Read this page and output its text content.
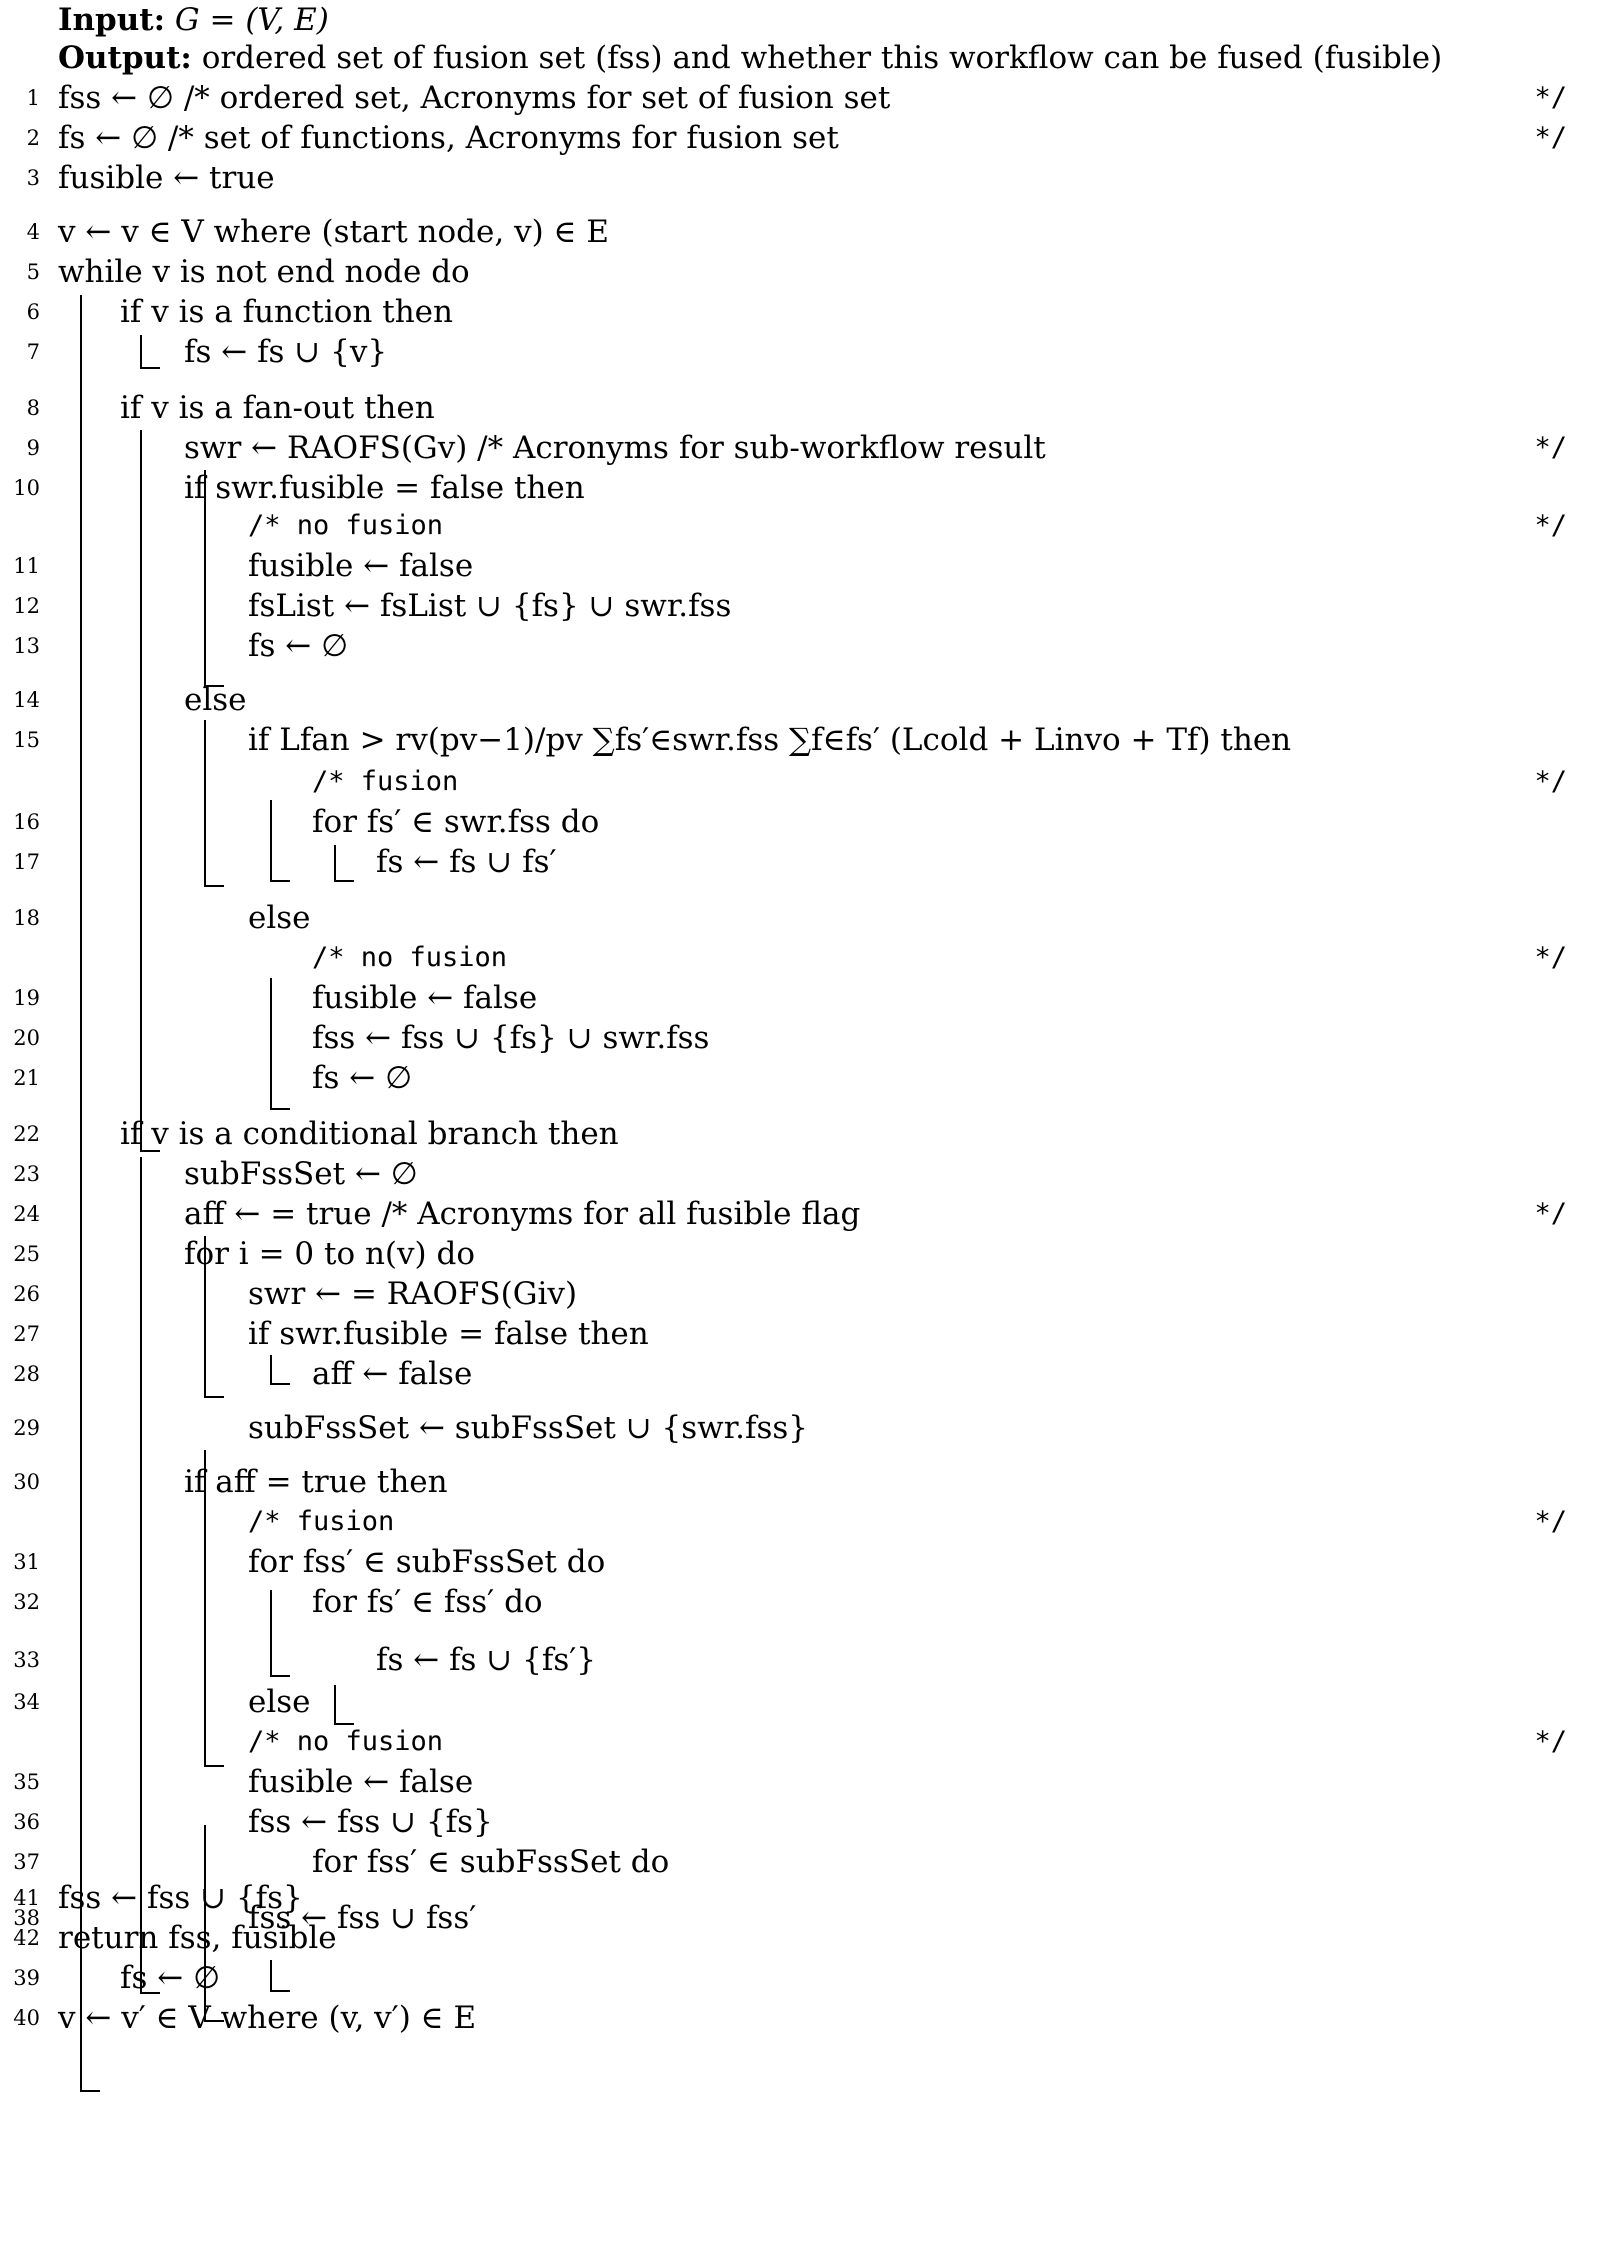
Input: G = (V, E)
Output: ordered set of fusion set (fss) and whether this workflow can be fused (fusible)
1 fss ← ∅ /* ordered set, Acronyms for set of fusion set	*/
2 fs ← ∅ /* set of functions, Acronyms for fusion set	*/
3 fusible ← true
4 v ← v ∈ V where (start node, v) ∈ E
5 while v is not end node do
6	if v is a function then
7	fs ← fs ∪ {v}
8	if v is a fan-out then
9	swr ← RAOFS(Gv) /* Acronyms for sub-workflow result	*/
10	if swr.fusible = false then
/* no fusion	*/
11	fusible ← false
12	fsList ← fsList ∪ {fs} ∪ swr.fss
13	fs ← ∅
14	else
15	if Lfan > rv(pv−1)/pv ∑fs′∈swr.fss ∑f∈fs′ (Lcold + Linvo + Tf) then
/* fusion	*/
16	for fs′ ∈ swr.fss do
17	fs ← fs ∪ fs′
18	else
/* no fusion	*/
19	fusible ← false
20	fss ← fss ∪ {fs} ∪ swr.fss
21	fs ← ∅
22	if v is a conditional branch then
23	subFssSet ← ∅
24	aff ← = true /* Acronyms for all fusible flag	*/
25	for i = 0 to n(v) do
26	swr ← = RAOFS(Giv)
27	if swr.fusible = false then
28	aff ← false
29	subFssSet ← subFssSet ∪ {swr.fss}
30	if aff = true then
/* fusion	*/
31	for fss′ ∈ subFssSet do
32	for fs′ ∈ fss′ do
33	fs ← fs ∪ {fs′}
34	else
/* no fusion	*/
35	fusible ← false
36	fss ← fss ∪ {fs}
37	for fss′ ∈ subFssSet do
38	fss ← fss ∪ fss′
39	fs ← ∅
40 v ← v′ ∈ V where (v, v′) ∈ E
41 fss ← fss ∪ {fs}
42 return fss, fusible
